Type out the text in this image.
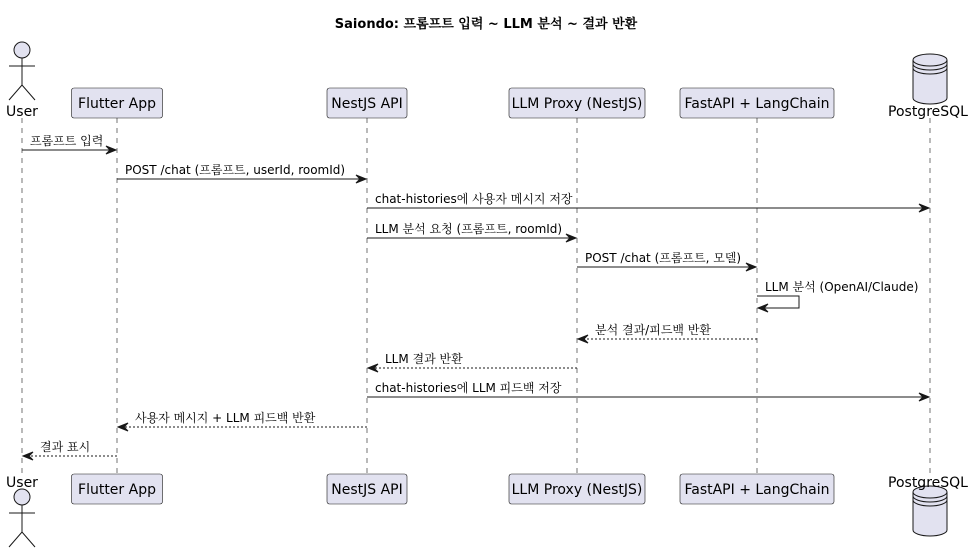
Saiondo: 프롬프트 입력 ~ LLM 분석 ~ 결과 반환
User	Flutter App	NestJS API	LLM Proxy (NestJS)	FastAPI + LangChain	PostgreSQL
User	Flutter App	NestJS API	LLM Proxy (NestJS)	FastAPI + LangChain	PostgreSQL
프롬프트 입력
POST /chat (프롬프트, userId, roomId)
chat-histories에 사용자 메시지 저장
LLM 분석 요청 (프롬프트, roomId)
POST /chat (프롬프트, 모델)
LLM 분석 (OpenAI/Claude)
분석 결과/피드백 반환
LLM 결과 반환
chat-histories에 LLM 피드백 저장
사용자 메시지 + LLM 피드백 반환
결과 표시
